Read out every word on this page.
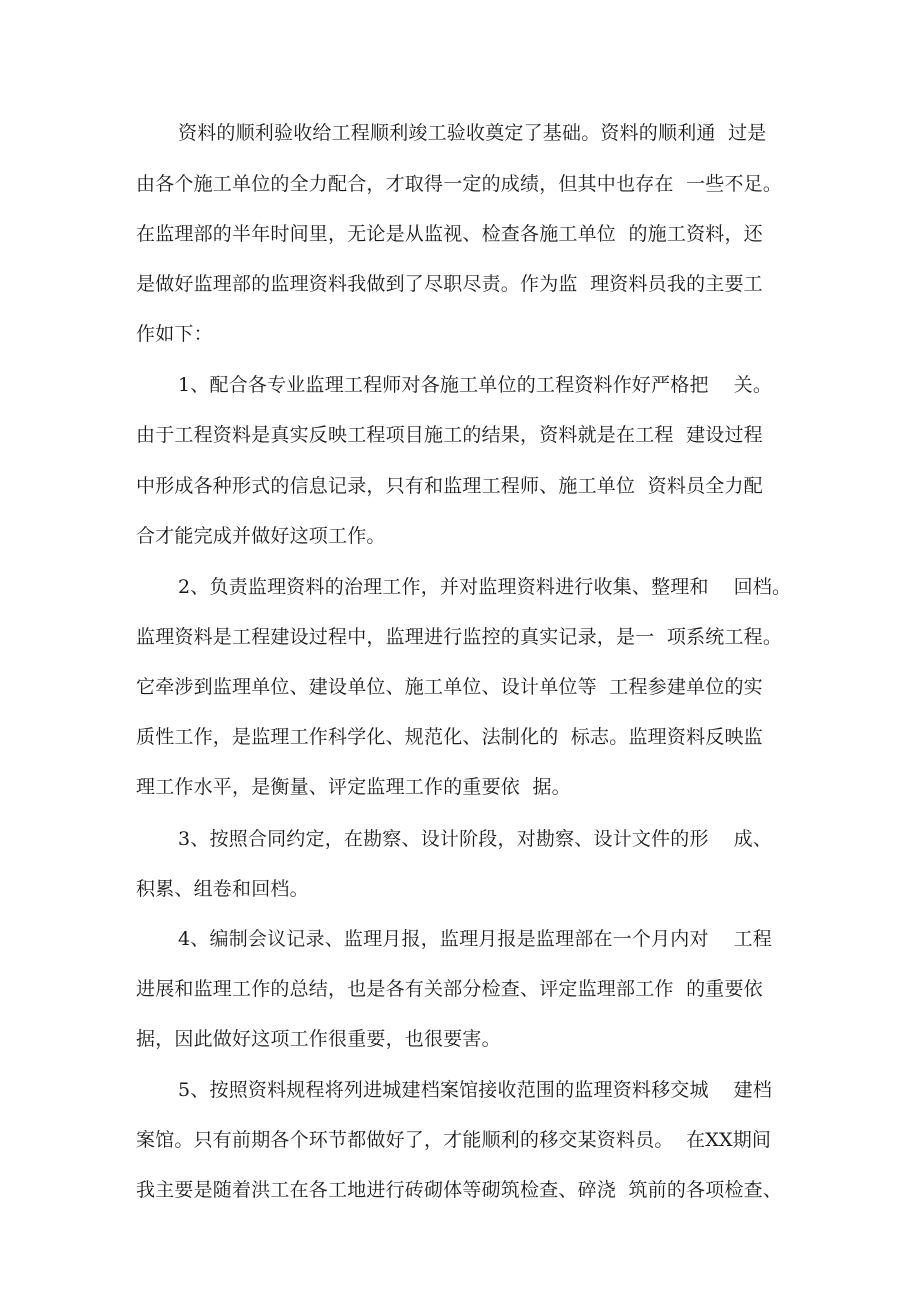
资料的顺利验收给工程顺利竣工验收奠定了基础。资料的顺利通  过是
由各个施工单位的全力配合，才取得一定的成绩，但其中也存在  一些不足。
在监理部的半年时间里，无论是从监视、检查各施工单位  的施工资料，还
是做好监理部的监理资料我做到了尽职尽责。作为监  理资料员我的主要工
作如下：
1、配合各专业监理工程师对各施工单位的工程资料作好严格把    关。
由于工程资料是真实反映工程项目施工的结果，资料就是在工程  建设过程
中形成各种形式的信息记录，只有和监理工程师、施工单位  资料员全力配
合才能完成并做好这项工作。
2、负责监理资料的治理工作，并对监理资料进行收集、整理和    回档。
监理资料是工程建设过程中，监理进行监控的真实记录，是一  项系统工程。
它牵涉到监理单位、建设单位、施工单位、设计单位等  工程参建单位的实
质性工作，是监理工作科学化、规范化、法制化的  标志。监理资料反映监
理工作水平，是衡量、评定监理工作的重要依  据。
3、按照合同约定，在勘察、设计阶段，对勘察、设计文件的形    成、
积累、组卷和回档。
4、编制会议记录、监理月报，监理月报是监理部在一个月内对    工程
进展和监理工作的总结，也是各有关部分检查、评定监理部工作  的重要依
据，因此做好这项工作很重要，也很要害。
5、按照资料规程将列进城建档案馆接收范围的监理资料移交城    建档
案馆。只有前期各个环节都做好了，才能顺利的移交某资料员。  在XX期间
我主要是随着洪工在各工地进行砖砌体等砌筑检查、碎浇  筑前的各项检查、
